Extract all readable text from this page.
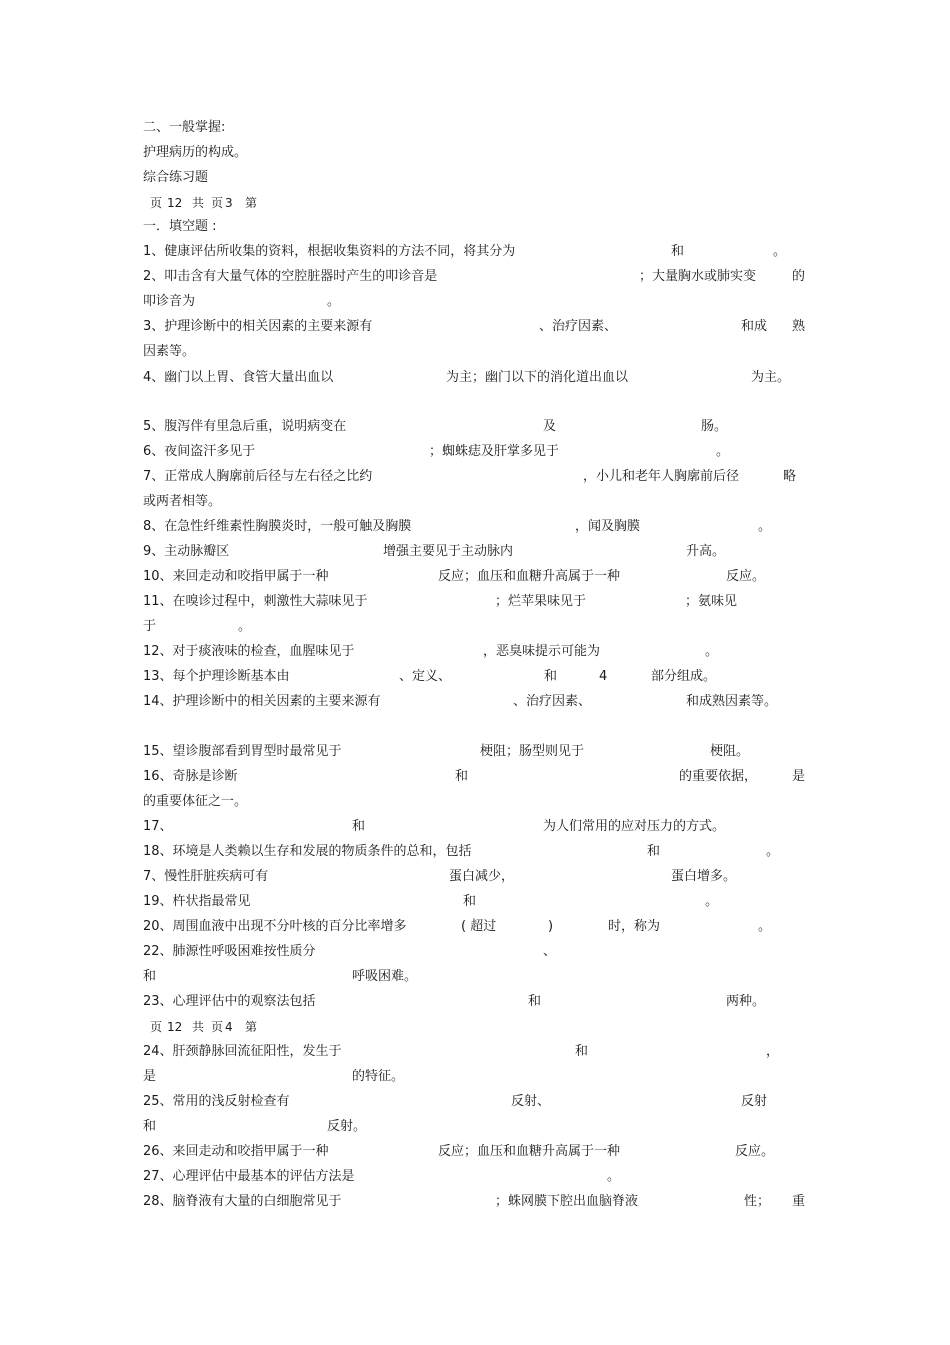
二、一般掌握:
护理病历的构成。
综合练习题
页 12 共 页 3 第
一．填空题 :
1、健康评估所收集的资料，根据收集资料的方法不同，将其分为	和	。
2、叩击含有大量气体的空腔脏器时产生的叩诊音是	；大量胸水或肺实变	的
叩诊音为	。
3、护理诊断中的相关因素的主要来源有	、治疗因素、	和成 熟
因素等。
4、幽门以上胃、食管大量出血以	为主；幽门以下的消化道出血以	为主。
5、腹泻伴有里急后重，说明病变在	及	肠。
6、夜间盗汗多见于	；蜘蛛痣及肝掌多见于	。
7、正常成人胸廓前后径与左右径之比约	，小儿和老年人胸廓前后径	略
或两者相等。
8、在急性纤维素性胸膜炎时，一般可触及胸膜	，闻及胸膜	。
9、主动脉瓣区	增强主要见于主动脉内	升高。
10、来回走动和咬指甲属于一种	反应；血压和血糖升高属于一种	反应。
11、在嗅诊过程中，刺激性大蒜味见于	；烂苹果味见于	；氨味见
于	。
12、对于痰液味的检查，血腥味见于	，恶臭味提示可能为	。
13、每个护理诊断基本由	、定义、	和	4	部分组成。
14、护理诊断中的相关因素的主要来源有	、治疗因素、	和成熟因素等。
15、望诊腹部看到胃型时最常见于	梗阻；肠型则见于	梗阻。
16、奇脉是诊断	和	的重要依据，	是
的重要体征之一。
17、	和	为人们常用的应对压力的方式。
18、环境是人类赖以生存和发展的物质条件的总和，包括	和	。
7、慢性肝脏疾病可有	蛋白减少，	蛋白增多。
19、杵状指最常见	和	。
20、周围血液中出现不分叶核的百分比率增多	( 超过	)	时，称为	。
22、肺源性呼吸困难按性质分	、
和	呼吸困难。
23、心理评估中的观察法包括	和	两种。
页 12 共 页 4 第
24、肝颈静脉回流征阳性，发生于	和	，
是	的特征。
25、常用的浅反射检查有	反射、	反射
和	反射。
26、来回走动和咬指甲属于一种	反应；血压和血糖升高属于一种	反应。
27、心理评估中最基本的评估方法是	。
28、脑脊液有大量的白细胞常见于	；蛛网膜下腔出血脑脊液	性； 重
